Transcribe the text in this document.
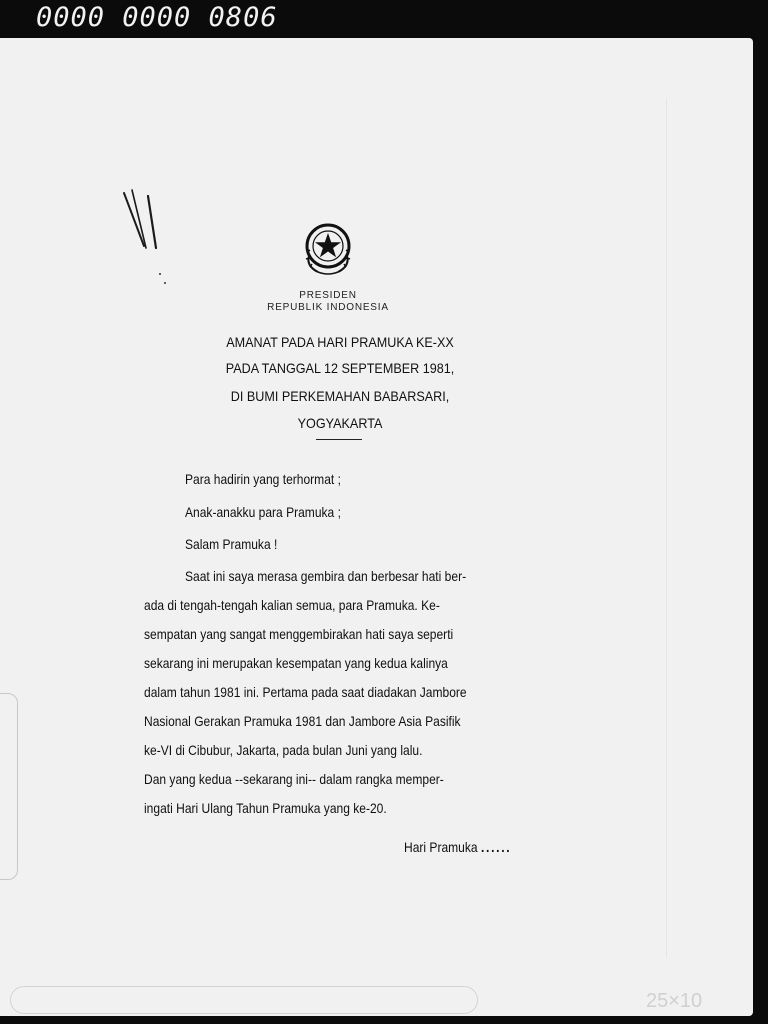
0000 0000 0806
PRESIDEN
REPUBLIK INDONESIA
AMANAT PADA HARI PRAMUKA KE-XX
PADA TANGGAL 12 SEPTEMBER 1981,
DI BUMI PERKEMAHAN BABARSARI,
YOGYAKARTA
Para hadirin yang terhormat ;
Anak-anakku para Pramuka ;
Salam Pramuka !
Saat ini saya merasa gembira dan berbesar hati ber-
ada di tengah-tengah kalian semua, para Pramuka. Ke-
sempatan yang sangat menggembirakan hati saya seperti
sekarang ini merupakan kesempatan yang kedua kalinya
dalam tahun 1981 ini. Pertama pada saat diadakan Jambore
Nasional Gerakan Pramuka 1981 dan Jambore Asia Pasifik
ke-VI di Cibubur, Jakarta, pada bulan Juni yang lalu.
Dan yang kedua --sekarang ini-- dalam rangka memper-
ingati Hari Ulang Tahun Pramuka yang ke-20.
Hari Pramuka ......
25×10
